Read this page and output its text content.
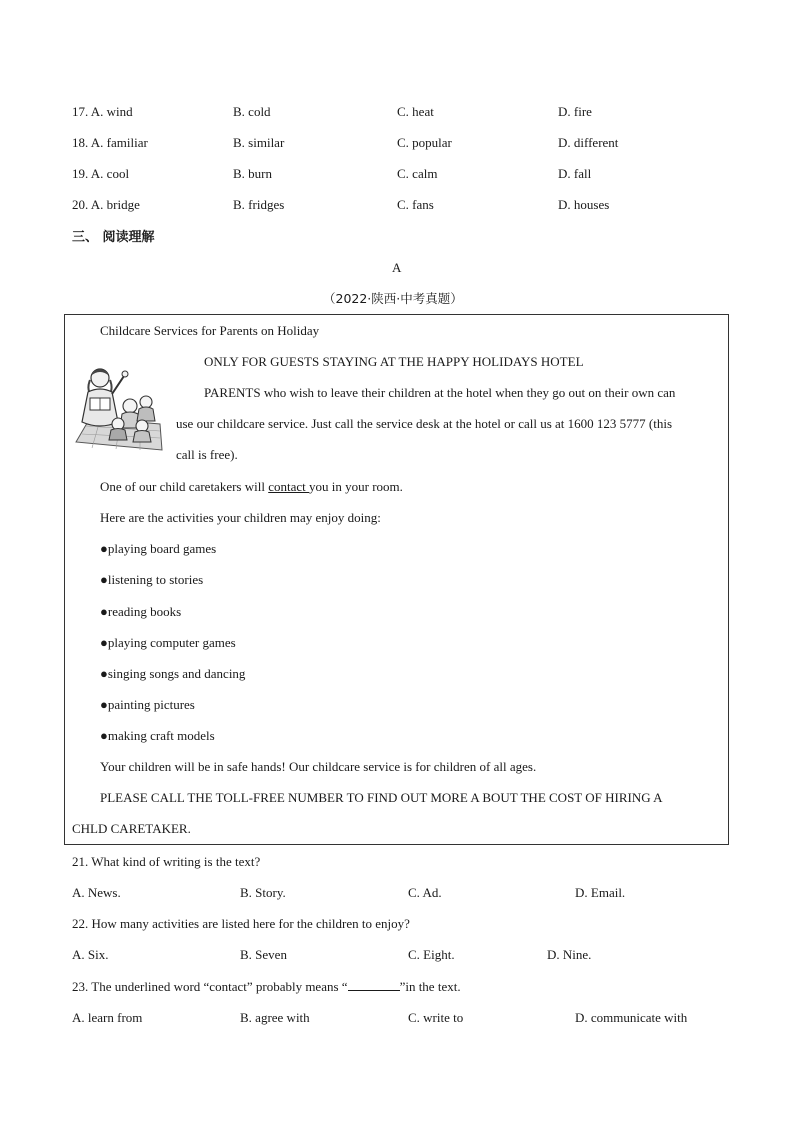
17. A. wind	B. cold	C. heat	D. fire
18. A. familiar	B. similar	C. popular	D. different
19. A. cool	B. burn	C. calm	D. fall
20. A. bridge	B. fridges	C. fans	D. houses
三、 阅读理解
A
（2022·陕西·中考真题）
Childcare Services for Parents on Holiday
ONLY FOR GUESTS STAYING AT THE HAPPY HOLIDAYS HOTEL
PARENTS who wish to leave their children at the hotel when they go out on their own can
use our childcare service. Just call the service desk at the hotel or call us at 1600 123 5777 (this
call is free).
One of our child caretakers will contact you in your room.
Here are the activities your children may enjoy doing:
●playing board games
●listening to stories
●reading books
●playing computer games
●singing songs and dancing
●painting pictures
●making craft models
Your children will be in safe hands! Our childcare service is for children of all ages.
PLEASE CALL THE TOLL-FREE NUMBER TO FIND OUT MORE A BOUT THE COST OF HIRING A
CHLD CARETAKER.
21. What kind of writing is the text?
A. News.	B. Story.	C. Ad.	D. Email.
22. How many activities are listed here for the children to enjoy?
A. Six.	B. Seven	C. Eight.	D. Nine.
23. The underlined word “contact” probably means “	”in the text.
A. learn from	B. agree with	C. write to	D. communicate with
